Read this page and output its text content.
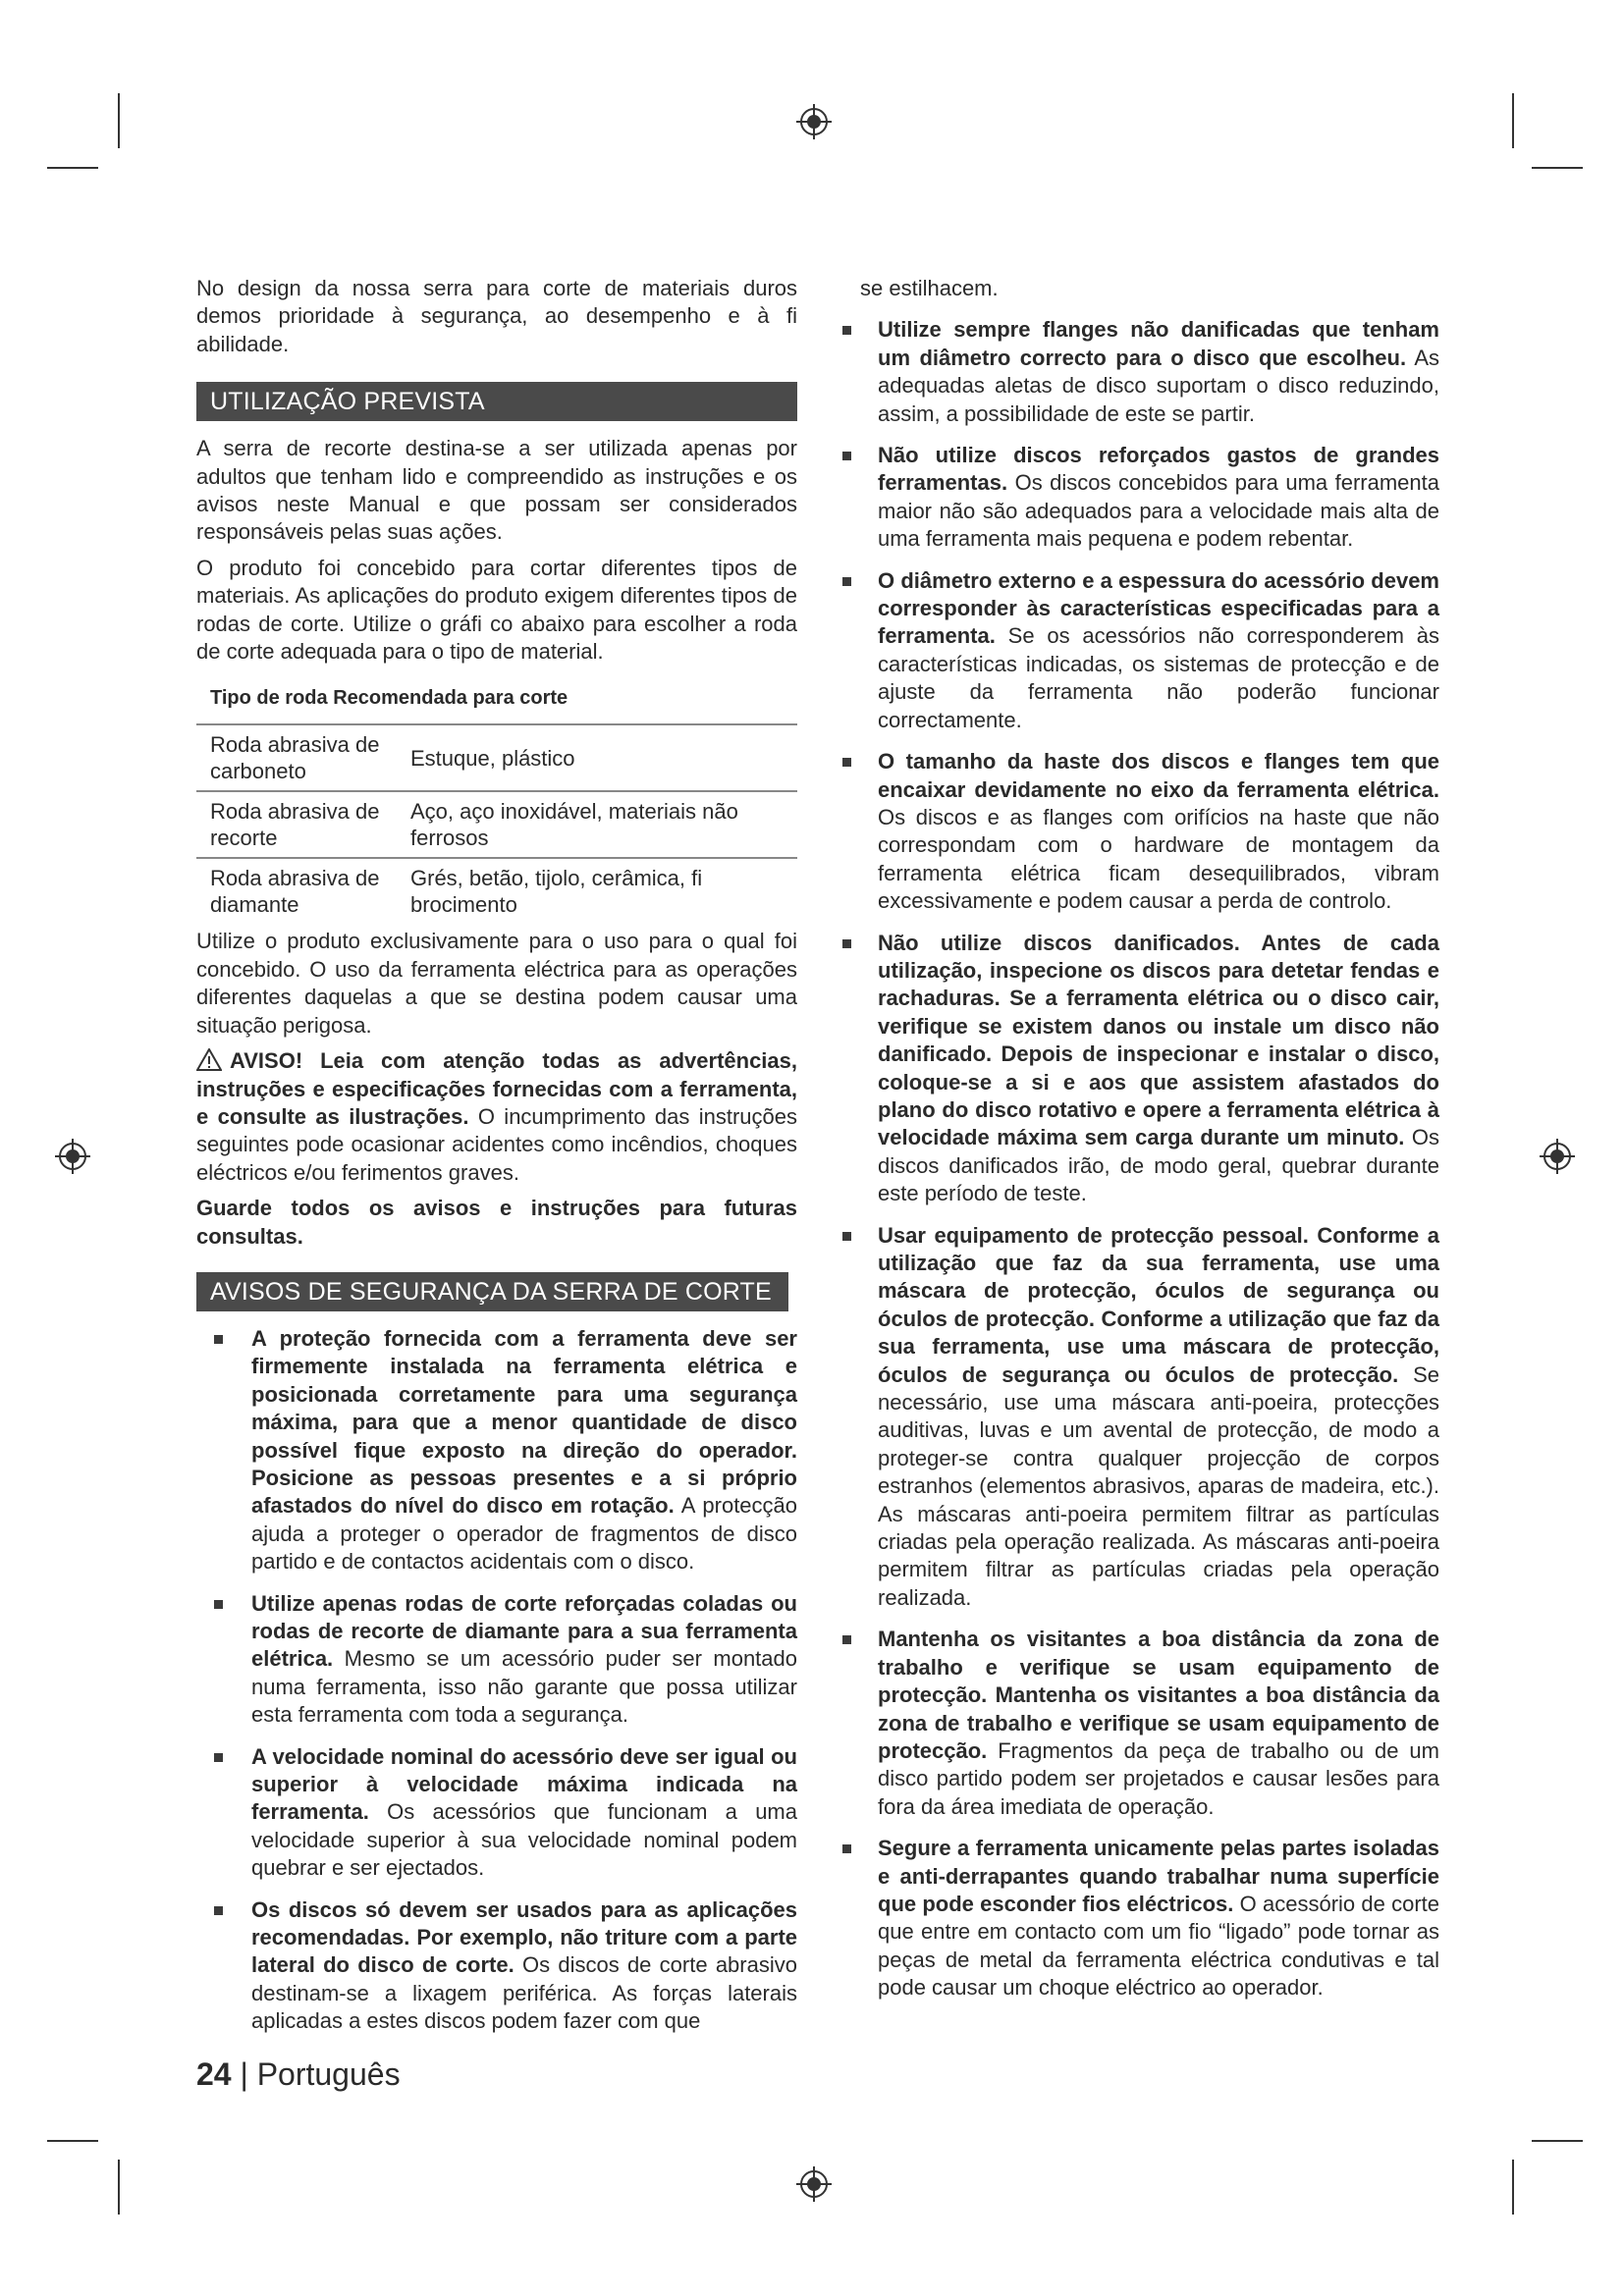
No design da nossa serra para corte de materiais duros demos prioridade à segurança, ao desempenho e à fi abilidade.

UTILIZAÇÃO PREVISTA

A serra de recorte destina-se a ser utilizada apenas por adultos que tenham lido e compreendido as instruções e os avisos neste Manual e que possam ser considerados responsáveis pelas suas ações.

O produto foi concebido para cortar diferentes tipos de materiais. As aplicações do produto exigem diferentes tipos de rodas de corte. Utilize o gráfi co abaixo para escolher a roda de corte adequada para o tipo de material.

Tipo de roda Recomendada para corte
Roda abrasiva de carboneto	Estuque, plástico
Roda abrasiva de recorte	Aço, aço inoxidável, materiais não ferrosos
Roda abrasiva de diamante	Grés, betão, tijolo, cerâmica, fi brocimento

Utilize o produto exclusivamente para o uso para o qual foi concebido. O uso da ferramenta eléctrica para as operações diferentes daquelas a que se destina podem causar uma situação perigosa.

AVISO! Leia com atenção todas as advertências, instruções e especificações fornecidas com a ferramenta, e consulte as ilustrações. O incumprimento das instruções seguintes pode ocasionar acidentes como incêndios, choques eléctricos e/ou ferimentos graves.

Guarde todos os avisos e instruções para futuras consultas.

AVISOS DE SEGURANÇA DA SERRA DE CORTE
A proteção fornecida com a ferramenta deve ser firmemente instalada na ferramenta elétrica e posicionada corretamente para uma segurança máxima, para que a menor quantidade de disco possível fique exposto na direção do operador. Posicione as pessoas presentes e a si próprio afastados do nível do disco em rotação. A protecção ajuda a proteger o operador de fragmentos de disco partido e de contactos acidentais com o disco.
Utilize apenas rodas de corte reforçadas coladas ou rodas de recorte de diamante para a sua ferramenta elétrica. Mesmo se um acessório puder ser montado numa ferramenta, isso não garante que possa utilizar esta ferramenta com toda a segurança.
A velocidade nominal do acessório deve ser igual ou superior à velocidade máxima indicada na ferramenta. Os acessórios que funcionam a uma velocidade superior à sua velocidade nominal podem quebrar e ser ejectados.
Os discos só devem ser usados para as aplicações recomendadas. Por exemplo, não triture com a parte lateral do disco de corte. Os discos de corte abrasivo destinam-se a lixagem periférica. As forças laterais aplicadas a estes discos podem fazer com que

se estilhacem.

Utilize sempre flanges não danificadas que tenham um diâmetro correcto para o disco que escolheu. As adequadas aletas de disco suportam o disco reduzindo, assim, a possibilidade de este se partir.
Não utilize discos reforçados gastos de grandes ferramentas. Os discos concebidos para uma ferramenta maior não são adequados para a velocidade mais alta de uma ferramenta mais pequena e podem rebentar.
O diâmetro externo e a espessura do acessório devem corresponder às características especificadas para a ferramenta. Se os acessórios não corresponderem às características indicadas, os sistemas de protecção e de ajuste da ferramenta não poderão funcionar correctamente.
O tamanho da haste dos discos e flanges tem que encaixar devidamente no eixo da ferramenta elétrica. Os discos e as flanges com orifícios na haste que não correspondam com o hardware de montagem da ferramenta elétrica ficam desequilibrados, vibram excessivamente e podem causar a perda de controlo.
Não utilize discos danificados. Antes de cada utilização, inspecione os discos para detetar fendas e rachaduras. Se a ferramenta elétrica ou o disco cair, verifique se existem danos ou instale um disco não danificado. Depois de inspecionar e instalar o disco, coloque-se a si e aos que assistem afastados do plano do disco rotativo e opere a ferramenta elétrica à velocidade máxima sem carga durante um minuto. Os discos danificados irão, de modo geral, quebrar durante este período de teste.
Usar equipamento de protecção pessoal. Conforme a utilização que faz da sua ferramenta, use uma máscara de protecção, óculos de segurança ou óculos de protecção. Conforme a utilização que faz da sua ferramenta, use uma máscara de protecção, óculos de segurança ou óculos de protecção. Se necessário, use uma máscara anti-poeira, protecções auditivas, luvas e um avental de protecção, de modo a proteger-se contra qualquer projecção de corpos estranhos (elementos abrasivos, aparas de madeira, etc.). As máscaras anti-poeira permitem filtrar as partículas criadas pela operação realizada. As máscaras anti-poeira permitem filtrar as partículas criadas pela operação realizada.
Mantenha os visitantes a boa distância da zona de trabalho e verifique se usam equipamento de protecção. Mantenha os visitantes a boa distância da zona de trabalho e verifique se usam equipamento de protecção. Fragmentos da peça de trabalho ou de um disco partido podem ser projetados e causar lesões para fora da área imediata de operação.
Segure a ferramenta unicamente pelas partes isoladas e anti-derrapantes quando trabalhar numa superfície que pode esconder fios eléctricos. O acessório de corte que entre em contacto com um fio “ligado” pode tornar as peças de metal da ferramenta eléctrica condutivas e tal pode causar um choque eléctrico ao operador.
24 | Português
